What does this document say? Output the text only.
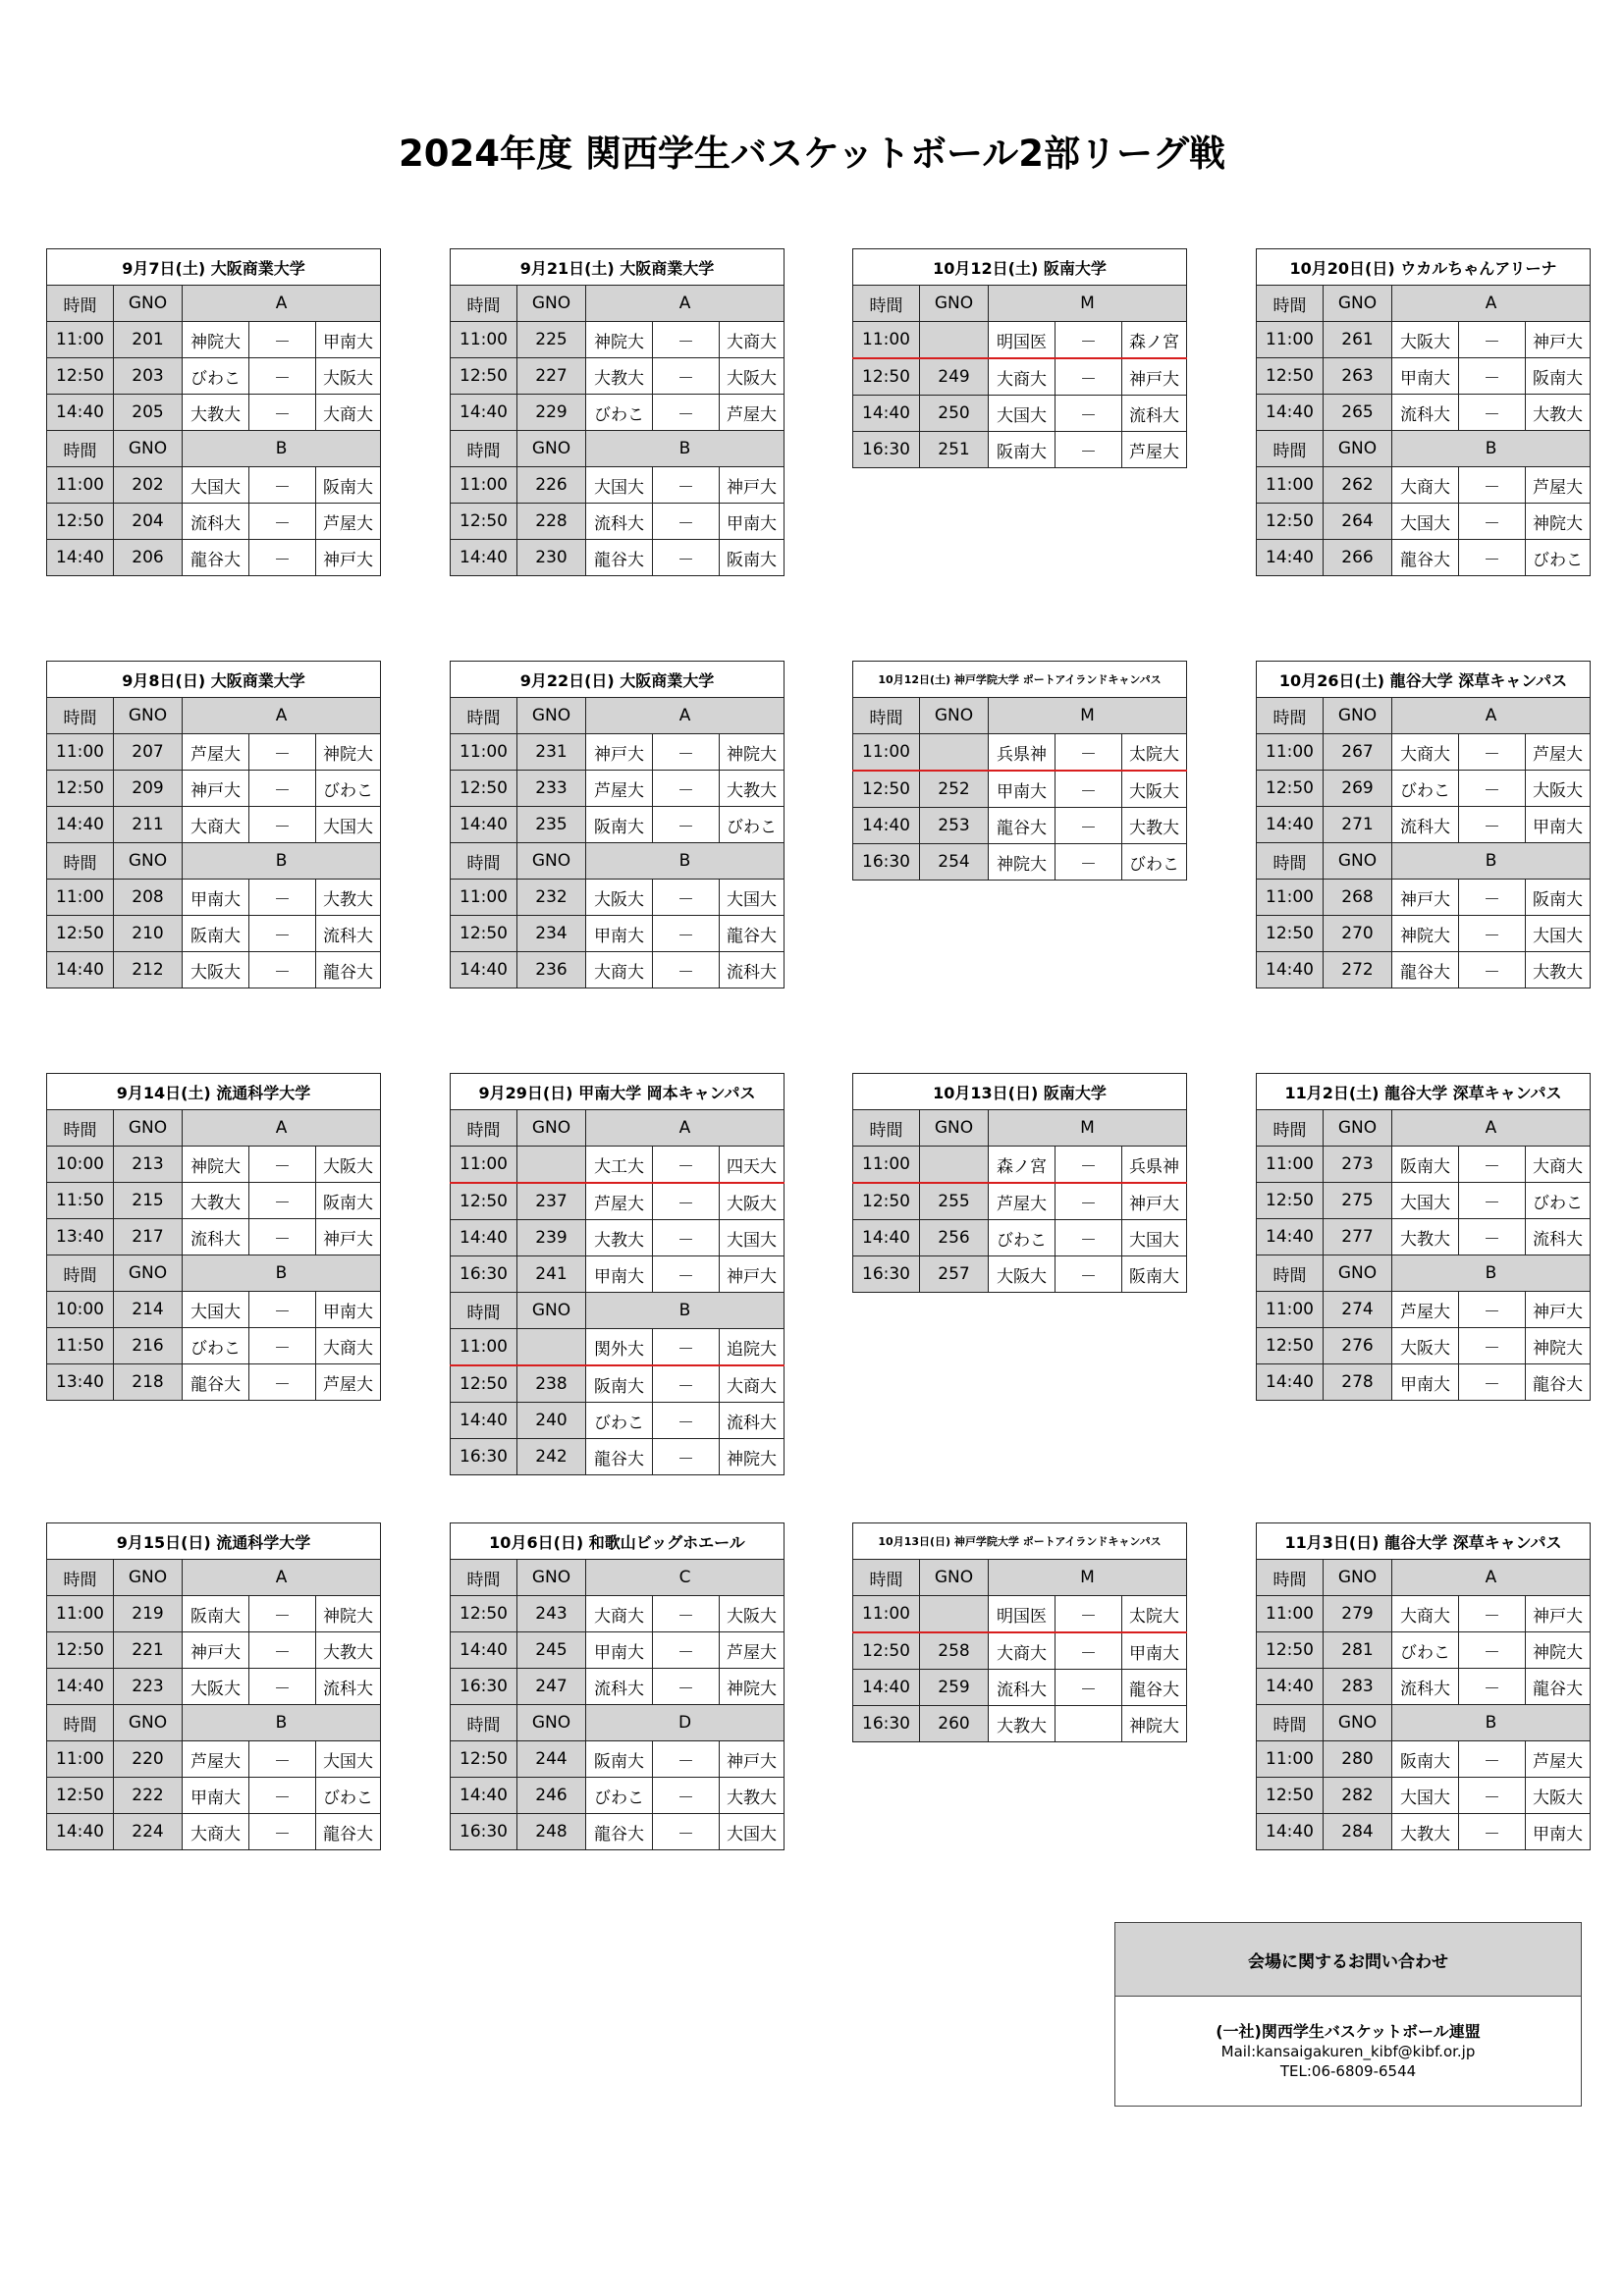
2024年度 関西学生バスケットボール2部リーグ戦
9月7日(土) 大阪商業大学				
時間	GNO	A		
11:00	201	神院大	－	甲南大
12:50	203	びわこ	－	大阪大
14:40	205	大教大	－	大商大
時間	GNO	B		
11:00	202	大国大	－	阪南大
12:50	204	流科大	－	芦屋大
14:40	206	龍谷大	－	神戸大
9月21日(土) 大阪商業大学				
時間	GNO	A		
11:00	225	神院大	－	大商大
12:50	227	大教大	－	大阪大
14:40	229	びわこ	－	芦屋大
時間	GNO	B		
11:00	226	大国大	－	神戸大
12:50	228	流科大	－	甲南大
14:40	230	龍谷大	－	阪南大
10月12日(土) 阪南大学				
時間	GNO	M		
11:00		明国医	－	森ノ宮
12:50	249	大商大	－	神戸大
14:40	250	大国大	－	流科大
16:30	251	阪南大	－	芦屋大
10月20日(日) ウカルちゃんアリーナ				
時間	GNO	A		
11:00	261	大阪大	－	神戸大
12:50	263	甲南大	－	阪南大
14:40	265	流科大	－	大教大
時間	GNO	B		
11:00	262	大商大	－	芦屋大
12:50	264	大国大	－	神院大
14:40	266	龍谷大	－	びわこ
9月8日(日) 大阪商業大学				
時間	GNO	A		
11:00	207	芦屋大	－	神院大
12:50	209	神戸大	－	びわこ
14:40	211	大商大	－	大国大
時間	GNO	B		
11:00	208	甲南大	－	大教大
12:50	210	阪南大	－	流科大
14:40	212	大阪大	－	龍谷大
9月22日(日) 大阪商業大学				
時間	GNO	A		
11:00	231	神戸大	－	神院大
12:50	233	芦屋大	－	大教大
14:40	235	阪南大	－	びわこ
時間	GNO	B		
11:00	232	大阪大	－	大国大
12:50	234	甲南大	－	龍谷大
14:40	236	大商大	－	流科大
10月12日(土) 神戸学院大学 ポートアイランドキャンパス				
時間	GNO	M		
11:00		兵県神	－	太院大
12:50	252	甲南大	－	大阪大
14:40	253	龍谷大	－	大教大
16:30	254	神院大	－	びわこ
10月26日(土) 龍谷大学 深草キャンパス				
時間	GNO	A		
11:00	267	大商大	－	芦屋大
12:50	269	びわこ	－	大阪大
14:40	271	流科大	－	甲南大
時間	GNO	B		
11:00	268	神戸大	－	阪南大
12:50	270	神院大	－	大国大
14:40	272	龍谷大	－	大教大
9月14日(土) 流通科学大学				
時間	GNO	A		
10:00	213	神院大	－	大阪大
11:50	215	大教大	－	阪南大
13:40	217	流科大	－	神戸大
時間	GNO	B		
10:00	214	大国大	－	甲南大
11:50	216	びわこ	－	大商大
13:40	218	龍谷大	－	芦屋大
9月29日(日) 甲南大学 岡本キャンパス				
時間	GNO	A		
11:00		大工大	－	四天大
12:50	237	芦屋大	－	大阪大
14:40	239	大教大	－	大国大
16:30	241	甲南大	－	神戸大
時間	GNO	B		
11:00		関外大	－	追院大
12:50	238	阪南大	－	大商大
14:40	240	びわこ	－	流科大
16:30	242	龍谷大	－	神院大
10月13日(日) 阪南大学				
時間	GNO	M		
11:00		森ノ宮	－	兵県神
12:50	255	芦屋大	－	神戸大
14:40	256	びわこ	－	大国大
16:30	257	大阪大	－	阪南大
11月2日(土) 龍谷大学 深草キャンパス				
時間	GNO	A		
11:00	273	阪南大	－	大商大
12:50	275	大国大	－	びわこ
14:40	277	大教大	－	流科大
時間	GNO	B		
11:00	274	芦屋大	－	神戸大
12:50	276	大阪大	－	神院大
14:40	278	甲南大	－	龍谷大
9月15日(日) 流通科学大学				
時間	GNO	A		
11:00	219	阪南大	－	神院大
12:50	221	神戸大	－	大教大
14:40	223	大阪大	－	流科大
時間	GNO	B		
11:00	220	芦屋大	－	大国大
12:50	222	甲南大	－	びわこ
14:40	224	大商大	－	龍谷大
10月6日(日) 和歌山ビッグホエール				
時間	GNO	C		
12:50	243	大商大	－	大阪大
14:40	245	甲南大	－	芦屋大
16:30	247	流科大	－	神院大
時間	GNO	D		
12:50	244	阪南大	－	神戸大
14:40	246	びわこ	－	大教大
16:30	248	龍谷大	－	大国大
10月13日(日) 神戸学院大学 ポートアイランドキャンパス				
時間	GNO	M		
11:00		明国医	－	太院大
12:50	258	大商大	－	甲南大
14:40	259	流科大	－	龍谷大
16:30	260	大教大		神院大
11月3日(日) 龍谷大学 深草キャンパス				
時間	GNO	A		
11:00	279	大商大	－	神戸大
12:50	281	びわこ	－	神院大
14:40	283	流科大	－	龍谷大
時間	GNO	B		
11:00	280	阪南大	－	芦屋大
12:50	282	大国大	－	大阪大
14:40	284	大教大	－	甲南大
会場に関するお問い合わせ
(一社)関西学生バスケットボール連盟
Mail:kansaigakuren_kibf@kibf.or.jp
TEL:06-6809-6544
